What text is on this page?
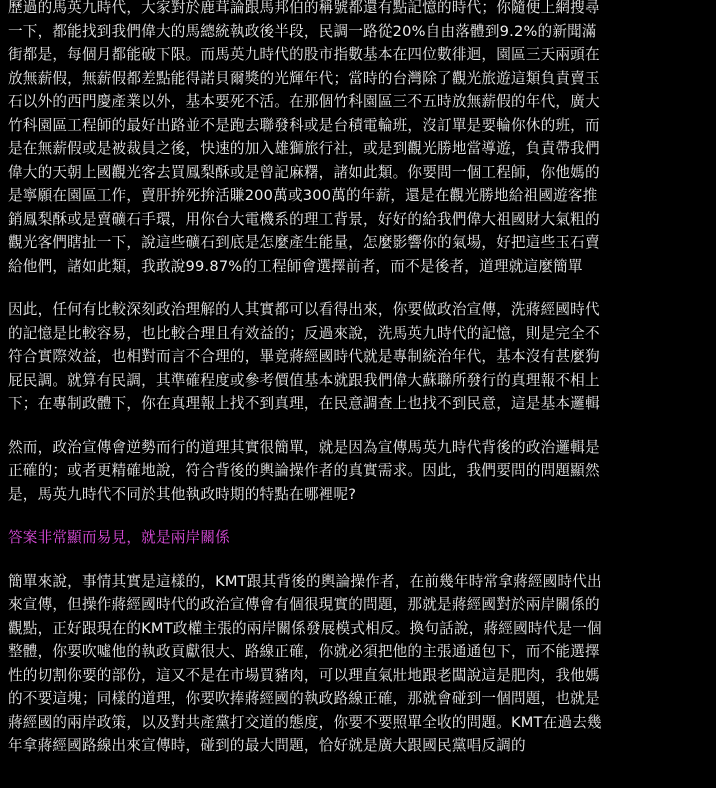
歷過的馬英九時代，大家對於鹿茸論跟馬邦伯的稱號都還有點記憶的時代；你隨便上網搜尋一下，都能找到我們偉大的馬總統執政後半段，民調一路從20%自由落體到9.2%的新聞滿街都是，每個月都能破下限。而馬英九時代的股市指數基本在四位數徘迴，園區三天兩頭在放無薪假，無薪假都差點能得諾貝爾獎的光輝年代；當時的台灣除了觀光旅遊這類負責賣玉石以外的西門慶產業以外，基本要死不活。在那個竹科園區三不五時放無薪假的年代，廣大竹科園區工程師的最好出路並不是跑去聯發科或是台積電輪班，沒訂單是要輪你休的班，而是在無薪假或是被裁員之後，快速的加入雄獅旅行社，或是到觀光勝地當導遊，負責帶我們偉大的天朝上國觀光客去買鳳梨酥或是曾記麻糬，諸如此類。你要問一個工程師，你他媽的是寧願在園區工作，賣肝拚死拚活賺200萬或300萬的年薪，還是在觀光勝地給祖國遊客推銷鳳梨酥或是賣礦石手環，用你台大電機系的理工背景，好好的給我們偉大祖國財大氣粗的觀光客們瞎扯一下，說這些礦石到底是怎麼產生能量，怎麼影響你的氣場，好把這些玉石賣給他們，諸如此類，我敢說99.87%的工程師會選擇前者，而不是後者，道理就這麼簡單

因此，任何有比較深刻政治理解的人其實都可以看得出來，你要做政治宣傳，洗蔣經國時代的記憶是比較容易，也比較合理且有效益的；反過來說，洗馬英九時代的記憶，則是完全不符合實際效益，也相對而言不合理的，畢竟蔣經國時代就是專制統治年代，基本沒有甚麼狗屁民調。就算有民調，其準確程度或參考價值基本就跟我們偉大蘇聯所發行的真理報不相上下；在專制政體下，你在真理報上找不到真理，在民意調查上也找不到民意，這是基本邏輯

然而，政治宣傳會逆勢而行的道理其實很簡單，就是因為宣傳馬英九時代背後的政治邏輯是正確的；或者更精確地說，符合背後的輿論操作者的真實需求。因此，我們要問的問題顯然是，馬英九時代不同於其他執政時期的特點在哪裡呢?

答案非常顯而易見，就是兩岸關係

簡單來說，事情其實是這樣的，KMT跟其背後的輿論操作者，在前幾年時常拿蔣經國時代出來宣傳，但操作蔣經國時代的政治宣傳會有個很現實的問題，那就是蔣經國對於兩岸關係的觀點，正好跟現在的KMT政權主張的兩岸關係發展模式相反。換句話說，蔣經國時代是一個整體，你要吹噓他的執政貢獻很大、路線正確，你就必須把他的主張通通包下，而不能選擇性的切割你要的部份，這又不是在市場買豬肉，可以理直氣壯地跟老闆說這是肥肉，我他媽的不要這塊；同樣的道理，你要吹捧蔣經國的執政路線正確，那就會碰到一個問題，也就是蔣經國的兩岸政策，以及對共產黨打交道的態度，你要不要照單全收的問題。KMT在過去幾年拿蔣經國路線出來宣傳時，碰到的最大問題，恰好就是廣大跟國民黨唱反調的
